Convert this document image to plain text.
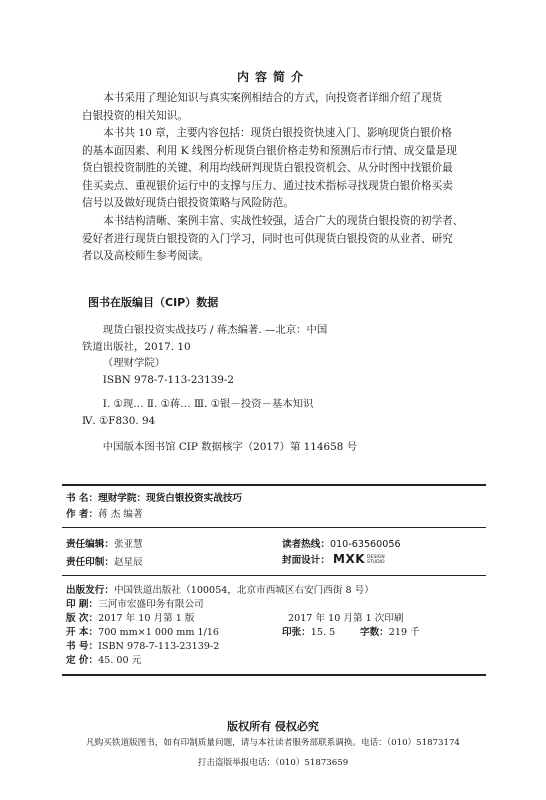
内容简介

本书采用了理论知识与真实案例相结合的方式，向投资者详细介绍了现货
白银投资的相关知识。

本书共 10 章，主要内容包括：现货白银投资快速入门、影响现货白银价格
的基本面因素、利用 K 线图分析现货白银价格走势和预测后市行情、成交量是现
货白银投资制胜的关键、利用均线研判现货白银投资机会、从分时图中找银价最
佳买卖点、重视银价运行中的支撑与压力、通过技术指标寻找现货白银价格买卖
信号以及做好现货白银投资策略与风险防范。

本书结构清晰、案例丰富、实战性较强，适合广大的现货白银投资的初学者、
爱好者进行现货白银投资的入门学习，同时也可供现货白银投资的从业者、研究
者以及高校师生参考阅读。

图书在版编目（CIP）数据
现货白银投资实战技巧 / 蒋杰编著. —北京：中国
铁道出版社，2017. 10
（理财学院）
ISBN 978-7-113-23139-2
Ⅰ. ①现… Ⅱ. ①蒋… Ⅲ. ①银－投资－基本知识
Ⅳ. ①F830. 94
中国版本图书馆 CIP 数据核字（2017）第 114658 号
书 名：理财学院：现货白银投资实战技巧
作 者：蒋 杰 编著
责任编辑：张亚慧	读者热线：010-63560056
责任印制：赵星辰	封面设计： MXK DESIGN
STUDIO
出版发行：中国铁道出版社（100054，北京市西城区右安门西街 8 号）
印 刷：三河市宏盛印务有限公司
版 次：2017 年 10 月第 1 版	2017 年 10 月第 1 次印刷
开 本：700 mm×1 000 mm 1/16	印张：15. 5	字数：219 千
书 号：ISBN 978-7-113-23139-2
定 价：45. 00 元
版权所有 侵权必究
凡购买铁道版图书，如有印制质量问题，请与本社读者服务部联系调换。电话：（010）51873174
打击盗版举报电话：（010）51873659
